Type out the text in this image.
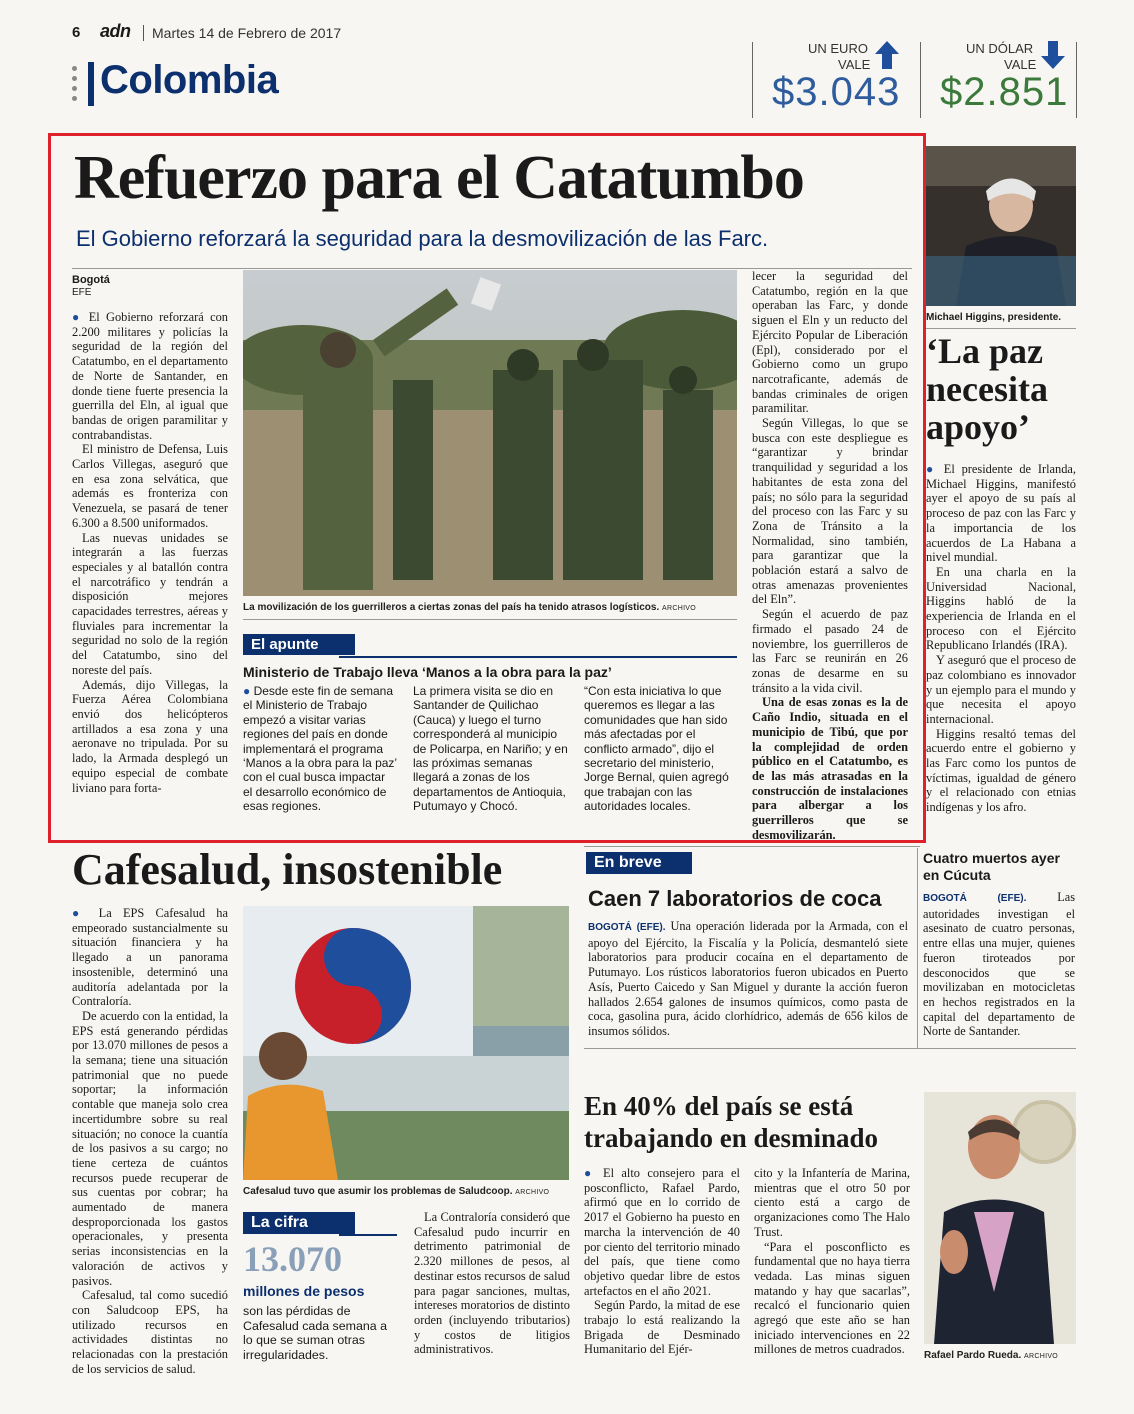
6 adn Martes 14 de Febrero de 2017
Colombia
UN EURO
VALE
$3.043
UN DÓLAR
VALE
$2.851
Refuerzo para el Catatumbo
El Gobierno reforzará la seguridad para la desmovilización de las Farc.
Bogotá
EFE

● El Gobierno reforzará con 2.200 militares y policías la seguridad de la región del Catatumbo, en el departamento de Norte de Santander, en donde tiene fuerte presencia la guerrilla del Eln, al igual que bandas de origen paramilitar y contrabandistas.

El ministro de Defensa, Luis Carlos Villegas, aseguró que en esa zona selvática, que además es fronteriza con Venezuela, se pasará de tener 6.300 a 8.500 uniformados.

Las nuevas unidades se integrarán a las fuerzas especiales y al batallón contra el narcotráfico y tendrán a disposición mejores capacidades terrestres, aéreas y fluviales para incrementar la seguridad no solo de la región del Catatumbo, sino del noreste del país.

Además, dijo Villegas, la Fuerza Aérea Colombiana envió dos helicópteros artillados a esa zona y una aeronave no tripulada. Por su lado, la Armada desplegó un equipo especial de combate liviano para forta-

La movilización de los guerrilleros a ciertas zonas del país ha tenido atrasos logísticos. ARCHIVO
El apunte
Ministerio de Trabajo lleva ‘Manos a la obra para la paz’
● Desde este fin de semana el Ministerio de Trabajo empezó a visitar varias regiones del país en donde implementará el programa ‘Manos a la obra para la paz’ con el cual busca impactar el desarrollo económico de esas regiones.
La primera visita se dio en Santander de Quilichao (Cauca) y luego el turno corresponderá al municipio de Policarpa, en Nariño; y en las próximas semanas llegará a zonas de los departamentos de Antioquia, Putumayo y Chocó.
“Con esta iniciativa lo que queremos es llegar a las comunidades que han sido más afectadas por el conflicto armado”, dijo el secretario del ministerio, Jorge Bernal, quien agregó que trabajan con las autoridades locales.

lecer la seguridad del Catatumbo, región en la que operaban las Farc, y donde siguen el Eln y un reducto del Ejército Popular de Liberación (Epl), considerado por el Gobierno como un grupo narcotraficante, además de bandas criminales de origen paramilitar.

Según Villegas, lo que se busca con este despliegue es “garantizar y brindar tranquilidad y seguridad a los habitantes de esta zona del país; no sólo para la seguridad del proceso con las Farc y su Zona de Tránsito a la Normalidad, sino también, para garantizar que la población estará a salvo de otras amenazas provenientes del Eln”.

Según el acuerdo de paz firmado el pasado 24 de noviembre, los guerrilleros de las Farc se reunirán en 26 zonas de desarme en su tránsito a la vida civil.

Una de esas zonas es la de Caño Indio, situada en el municipio de Tibú, que por la complejidad de orden público en el Catatumbo, es de las más atrasadas en la construcción de instalaciones para albergar a los guerrilleros que se desmovilizarán.

Michael Higgins, presidente.
‘La paz necesita apoyo’

● El presidente de Irlanda, Michael Higgins, manifestó ayer el apoyo de su país al proceso de paz con las Farc y la importancia de los acuerdos de La Habana a nivel mundial.

En una charla en la Universidad Nacional, Higgins habló de la experiencia de Irlanda en el proceso con el Ejército Republicano Irlandés (IRA).

Y aseguró que el proceso de paz colombiano es innovador y un ejemplo para el mundo y que necesita el apoyo internacional.

Higgins resaltó temas del acuerdo entre el gobierno y las Farc como los puntos de víctimas, igualdad de género y el relacionado con etnias indígenas y los afro.

Cafesalud, insostenible

● La EPS Cafesalud ha empeorado sustancialmente su situación financiera y ha llegado a un panorama insostenible, determinó una auditoría adelantada por la Contraloría.

De acuerdo con la entidad, la EPS está generando pérdidas por 13.070 millones de pesos a la semana; tiene una situación patrimonial que no puede soportar; la información contable que maneja solo crea incertidumbre sobre su real situación; no conoce la cuantía de los pasivos a su cargo; no tiene certeza de cuántos recursos puede recuperar de sus cuentas por cobrar; ha aumentado de manera desproporcionada los gastos operacionales, y presenta serias inconsistencias en la valoración de activos y pasivos.

Cafesalud, tal como sucedió con Saludcoop EPS, ha utilizado recursos en actividades distintas no relacionadas con la prestación de los servicios de salud.

Cafesalud tuvo que asumir los problemas de Saludcoop. ARCHIVO
La cifra
13.070
millones de pesos
son las pérdidas de Cafesalud cada semana a lo que se suman otras irregularidades.

La Contraloría consideró que Cafesalud pudo incurrir en detrimento patrimonial de 2.320 millones de pesos, al destinar estos recursos de salud para pagar sanciones, multas, intereses moratorios de distinto orden (incluyendo tributarios) y costos de litigios administrativos.

En breve
Caen 7 laboratorios de coca
BOGOTÁ (EFE). Una operación liderada por la Armada, con el apoyo del Ejército, la Fiscalía y la Policía, desmanteló siete laboratorios para producir cocaína en el departamento de Putumayo. Los rústicos laboratorios fueron ubicados en Puerto Asís, Puerto Caicedo y San Miguel y durante la acción fueron hallados 2.654 galones de insumos químicos, como pasta de coca, gasolina pura, ácido clorhídrico, además de 656 kilos de insumos sólidos.
Cuatro muertos ayer en Cúcuta
BOGOTÁ (EFE).	Las autoridades investigan el asesinato de cuatro personas, entre ellas una mujer, quienes fueron tiroteados por desconocidos que se movilizaban en motocicletas en hechos registrados en la capital del departamento de Norte de Santander.
En 40% del país se está trabajando en desminado

● El alto consejero para el posconflicto, Rafael Pardo, afirmó que en lo corrido de 2017 el Gobierno ha puesto en marcha la intervención de 40 por ciento del territorio minado del país, que tiene como objetivo quedar libre de estos artefactos en el año 2021.

Según Pardo, la mitad de ese trabajo lo está realizando la Brigada de Desminado Humanitario del Ejér-

cito y la Infantería de Marina, mientras que el otro 50 por ciento está a cargo de organizaciones como The Halo Trust.

“Para el posconflicto es fundamental que no haya tierra vedada. Las minas siguen matando y hay que sacarlas”, recalcó el funcionario quien agregó que este año se han iniciado intervenciones en 22 millones de metros cuadrados.	Rafael Pardo Rueda. ARCHIVO
